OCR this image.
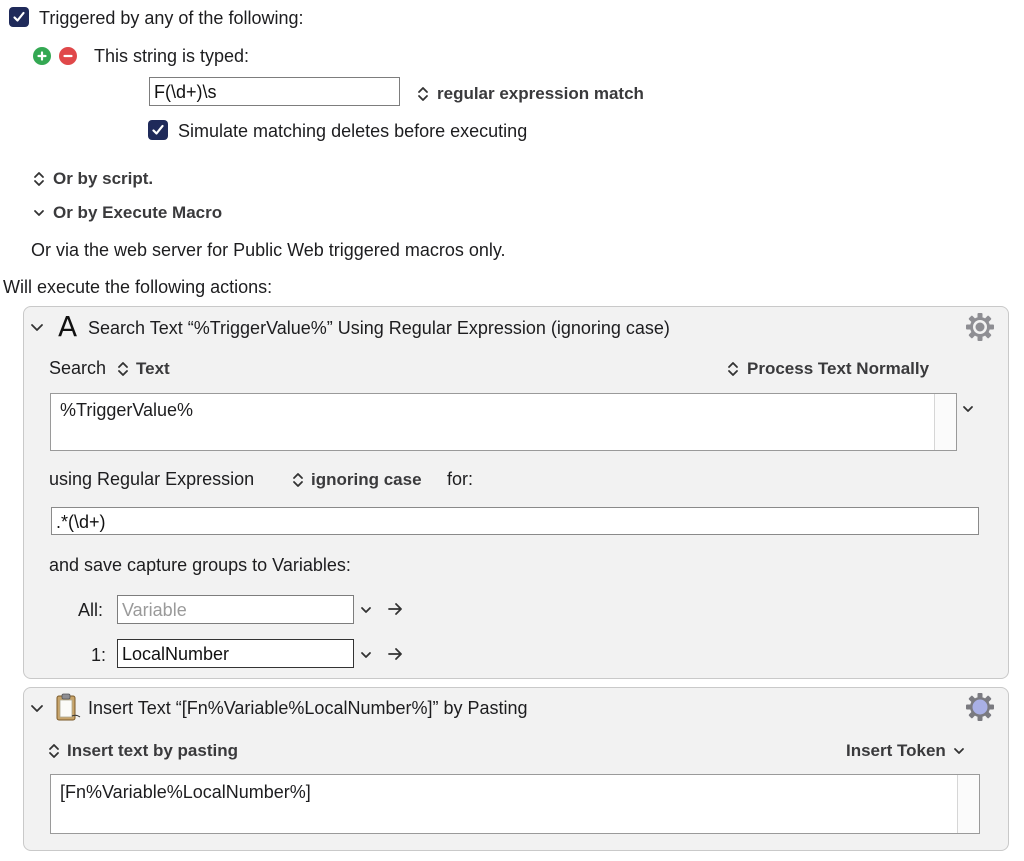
Triggered by any of the following:
This string is typed:
F(\d+)\s	regular expression match
Simulate matching deletes before executing
Or by script.
Or by Execute Macro
Or via the web server for Public Web triggered macros only.
Will execute the following actions:
A Search Text “%TriggerValue%” Using Regular Expression (ignoring case)
Search Text	Process Text Normally
%TriggerValue%
using Regular Expression	ignoring case for:
.*(\d+)
and save capture groups to Variables:
All: Variable
1: LocalNumber
Insert Text “[Fn%Variable%LocalNumber%]” by Pasting
Insert text by pasting	Insert Token
[Fn%Variable%LocalNumber%]
